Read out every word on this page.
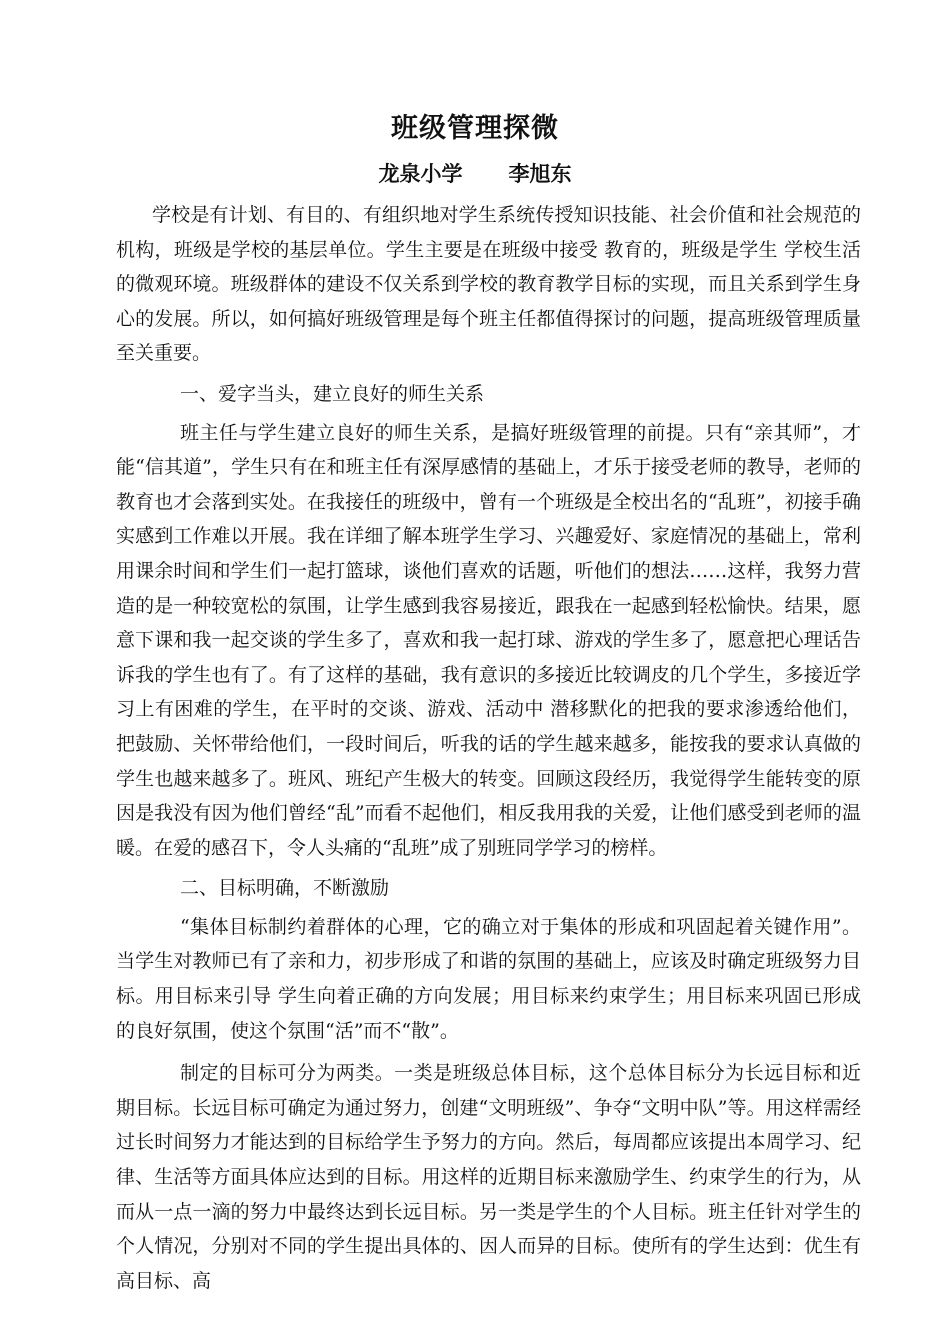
班级管理探微
龙泉小学 李旭东

学校是有计划、有目的、有组织地对学生系统传授知识技能、社会价值和社会规范的机构，班级是学校的基层单位。学生主要是在班级中接受 教育的，班级是学生 学校生活的微观环境。班级群体的建设不仅关系到学校的教育教学目标的实现，而且关系到学生身心的发展。所以，如何搞好班级管理是每个班主任都值得探讨的问题，提高班级管理质量至关重要。

一、爱字当头，建立良好的师生关系

班主任与学生建立良好的师生关系，是搞好班级管理的前提。只有“亲其师”，才能“信其道”，学生只有在和班主任有深厚感情的基础上，才乐于接受老师的教导，老师的教育也才会落到实处。在我接任的班级中，曾有一个班级是全校出名的“乱班”，初接手确实感到工作难以开展。我在详细了解本班学生学习、兴趣爱好、家庭情况的基础上，常利用课余时间和学生们一起打篮球，谈他们喜欢的话题，听他们的想法……这样，我努力营造的是一种较宽松的氛围，让学生感到我容易接近，跟我在一起感到轻松愉快。结果，愿意下课和我一起交谈的学生多了，喜欢和我一起打球、游戏的学生多了，愿意把心理话告诉我的学生也有了。有了这样的基础，我有意识的多接近比较调皮的几个学生，多接近学习上有困难的学生，在平时的交谈、游戏、活动中 潜移默化的把我的要求渗透给他们，把鼓励、关怀带给他们，一段时间后，听我的话的学生越来越多，能按我的要求认真做的学生也越来越多了。班风、班纪产生极大的转变。回顾这段经历，我觉得学生能转变的原因是我没有因为他们曾经“乱”而看不起他们，相反我用我的关爱，让他们感受到老师的温暖。在爱的感召下，令人头痛的“乱班”成了别班同学学习的榜样。

二、目标明确，不断激励

“集体目标制约着群体的心理，它的确立对于集体的形成和巩固起着关键作用”。当学生对教师已有了亲和力，初步形成了和谐的氛围的基础上，应该及时确定班级努力目标。用目标来引导 学生向着正确的方向发展；用目标来约束学生；用目标来巩固已形成的良好氛围，使这个氛围“活”而不“散”。

制定的目标可分为两类。一类是班级总体目标，这个总体目标分为长远目标和近期目标。长远目标可确定为通过努力，创建“文明班级”、争夺“文明中队”等。用这样需经过长时间努力才能达到的目标给学生予努力的方向。然后，每周都应该提出本周学习、纪律、生活等方面具体应达到的目标。用这样的近期目标来激励学生、约束学生的行为，从而从一点一滴的努力中最终达到长远目标。另一类是学生的个人目标。班主任针对学生的个人情况，分别对不同的学生提出具体的、因人而异的目标。使所有的学生达到：优生有高目标、高
